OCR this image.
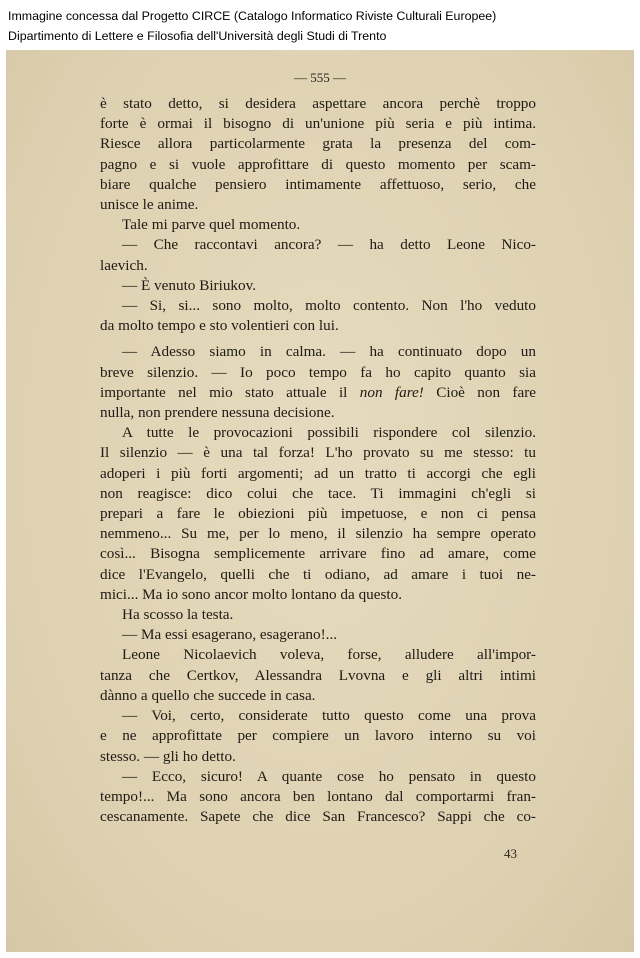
Immagine concessa dal Progetto CIRCE (Catalogo Informatico Riviste Culturali Europee)
Dipartimento di Lettere e Filosofia dell'Università degli Studi di Trento
— 555 —
è stato detto, si desidera aspettare ancora perchè troppo
forte è ormai il bisogno di un'unione più seria e più intima.
Riesce allora particolarmente grata la presenza del com-
pagno e si vuole approfittare di questo momento per scam-
biare qualche pensiero intimamente affettuoso, serio, che
unisce le anime.
Tale mi parve quel momento.
— Che raccontavi ancora? — ha detto Leone Nico-
laevich.
— È venuto Biriukov.
— Si, si... sono molto, molto contento. Non l'ho veduto
da molto tempo e sto volentieri con lui.
— Adesso siamo in calma. — ha continuato dopo un
breve silenzio. — Io poco tempo fa ho capito quanto sia
importante nel mio stato attuale il non fare! Cioè non fare
nulla, non prendere nessuna decisione.
A tutte le provocazioni possibili rispondere col silenzio.
Il silenzio — è una tal forza! L'ho provato su me stesso: tu
adoperi i più forti argomenti; ad un tratto ti accorgi che egli
non reagisce: dico colui che tace. Ti immagini ch'egli si
prepari a fare le obiezioni più impetuose, e non ci pensa
nemmeno... Su me, per lo meno, il silenzio ha sempre operato
così... Bisogna semplicemente arrivare fino ad amare, come
dice l'Evangelo, quelli che ti odiano, ad amare i tuoi ne-
mici... Ma io sono ancor molto lontano da questo.
Ha scosso la testa.
— Ma essi esagerano, esagerano!...
Leone Nicolaevich voleva, forse, alludere all'impor-
tanza che Certkov, Alessandra Lvovna e gli altri intimi
dànno a quello che succede in casa.
— Voi, certo, considerate tutto questo come una prova
e ne approfittate per compiere un lavoro interno su voi
stesso. — gli ho detto.
— Ecco, sicuro! A quante cose ho pensato in questo
tempo!... Ma sono ancora ben lontano dal comportarmi fran-
cescanamente. Sapete che dice San Francesco? Sappi che co-
43
